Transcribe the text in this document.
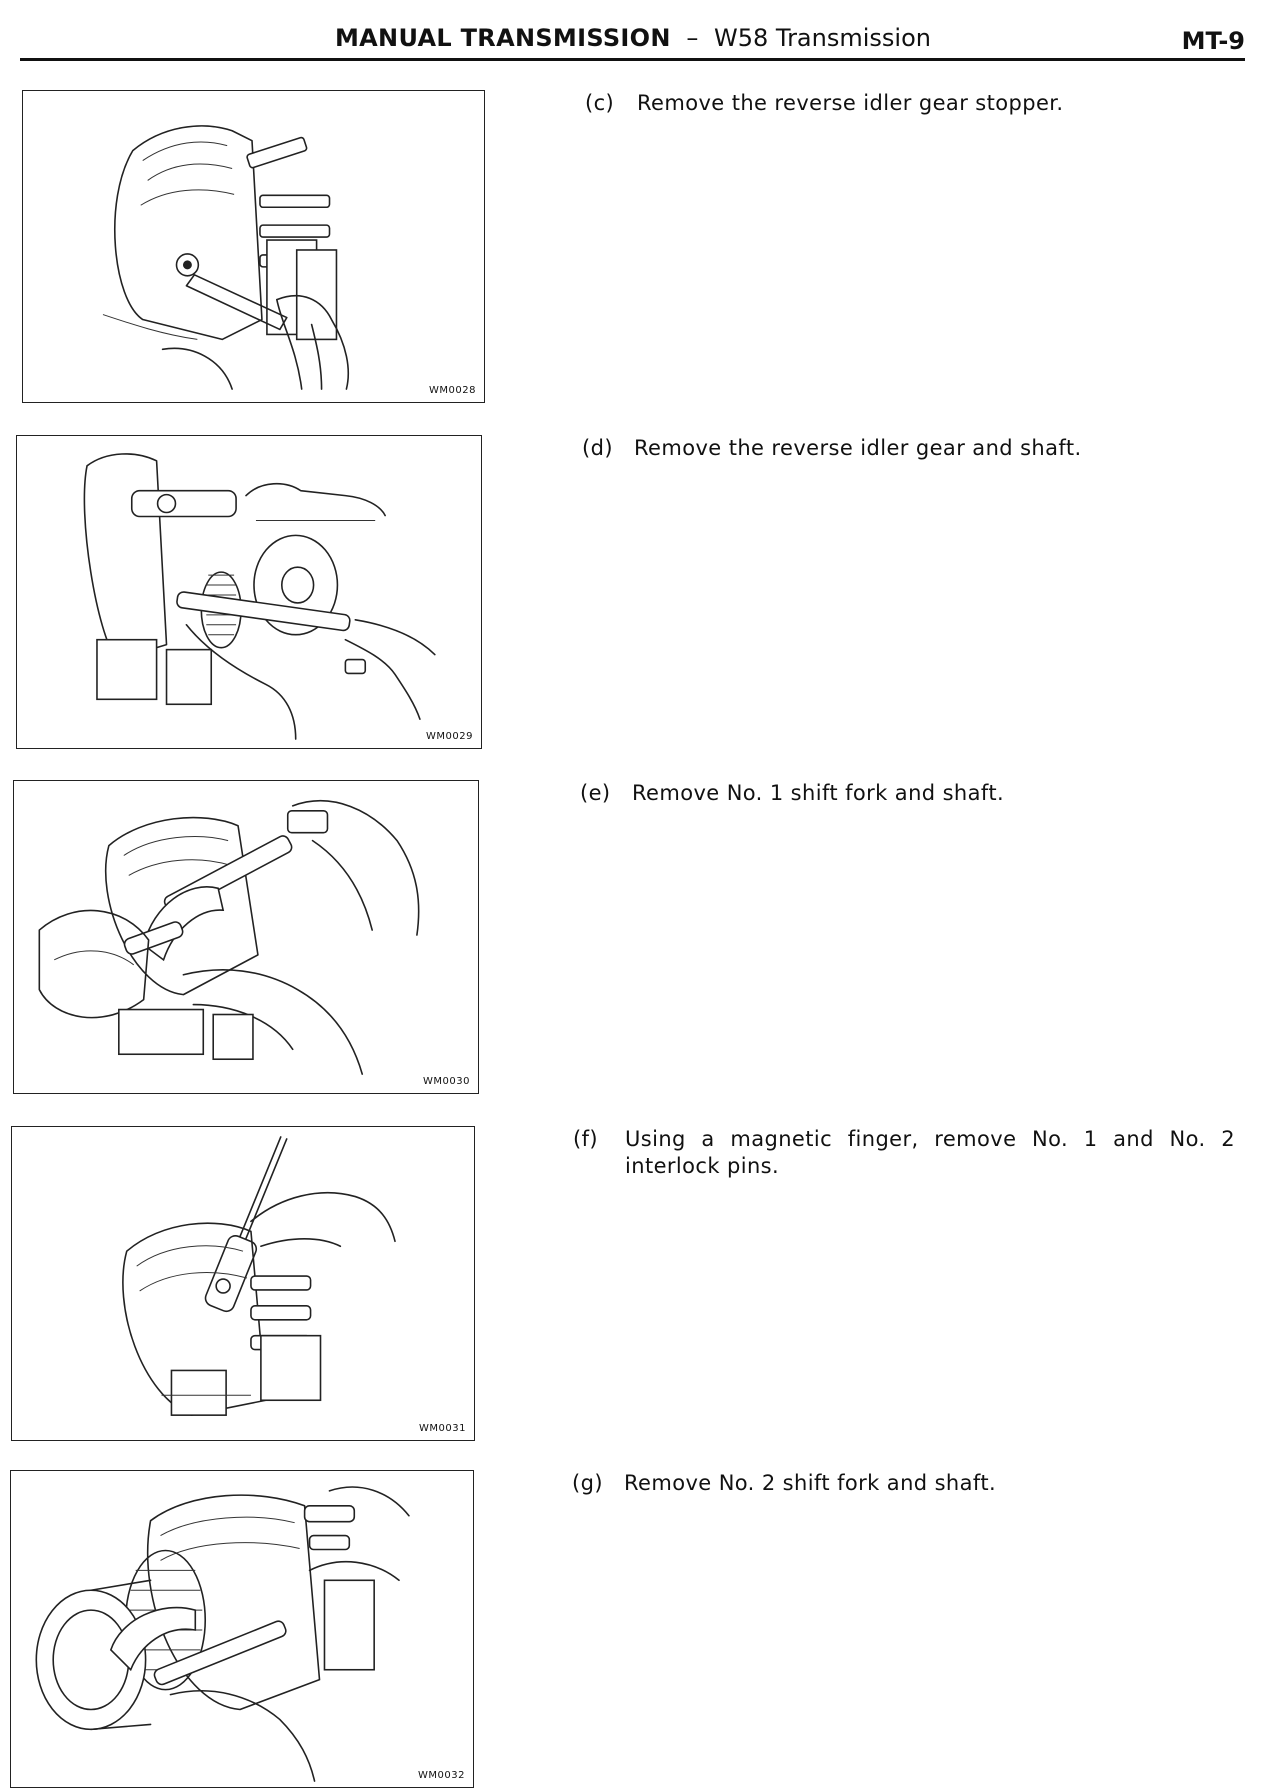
MANUAL TRANSMISSION – W58 Transmission	MT-9
WM0028
(c)	Remove the reverse idler gear stopper.
WM0029
(d)	Remove the reverse idler gear and shaft.
WM0030
(e)	Remove No. 1 shift fork and shaft.
WM0031
(f)	Using a magnetic finger, remove No. 1 and No. 2 interlock pins.
WM0032
(g)	Remove No. 2 shift fork and shaft.
